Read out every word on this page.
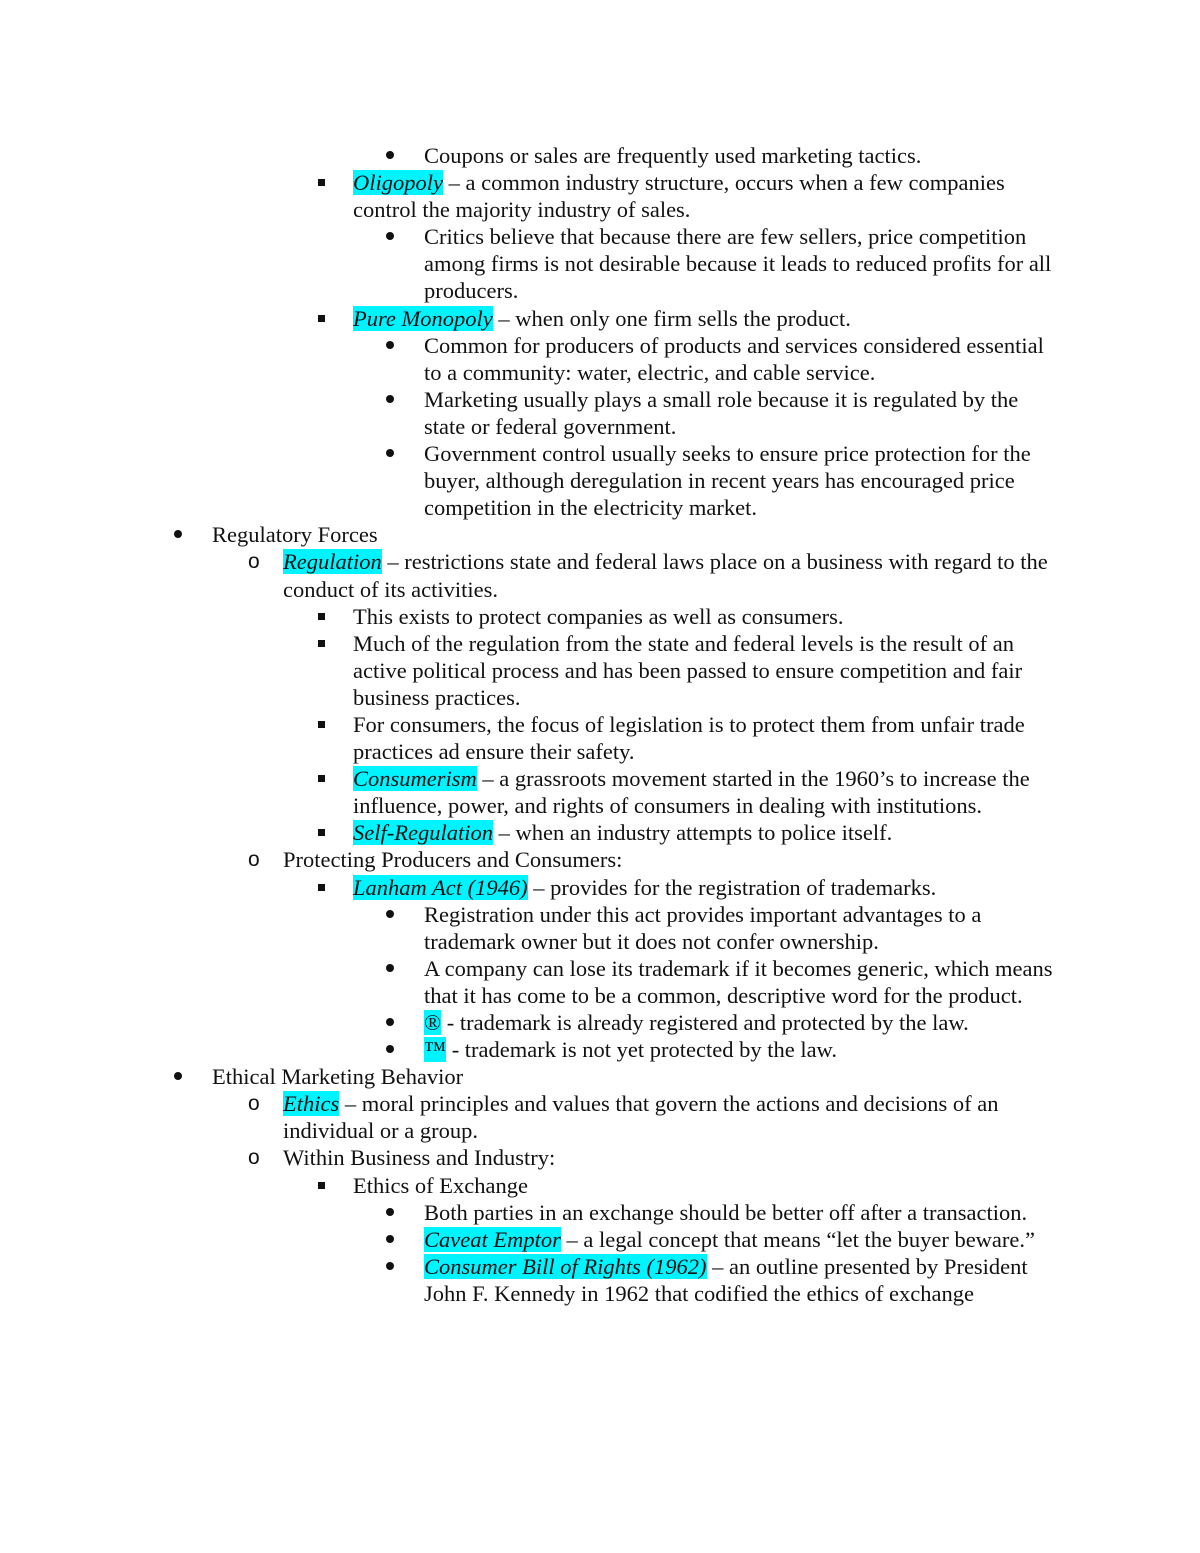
Coupons or sales are frequently used marketing tactics.
Oligopoly – a common industry structure, occurs when a few companies control the majority industry of sales.
Critics believe that because there are few sellers, price competition among firms is not desirable because it leads to reduced profits for all producers.
Pure Monopoly – when only one firm sells the product.
Common for producers of products and services considered essential to a community: water, electric, and cable service.
Marketing usually plays a small role because it is regulated by the state or federal government.
Government control usually seeks to ensure price protection for the buyer, although deregulation in recent years has encouraged price competition in the electricity market.
Regulatory Forces
o Regulation – restrictions state and federal laws place on a business with regard to the conduct of its activities.
This exists to protect companies as well as consumers.
Much of the regulation from the state and federal levels is the result of an active political process and has been passed to ensure competition and fair business practices.
For consumers, the focus of legislation is to protect them from unfair trade practices ad ensure their safety.
Consumerism – a grassroots movement started in the 1960’s to increase the influence, power, and rights of consumers in dealing with institutions.
Self-Regulation – when an industry attempts to police itself.
o Protecting Producers and Consumers:
Lanham Act (1946) – provides for the registration of trademarks.
Registration under this act provides important advantages to a trademark owner but it does not confer ownership.
A company can lose its trademark if it becomes generic, which means that it has come to be a common, descriptive word for the product.
® - trademark is already registered and protected by the law.
™ - trademark is not yet protected by the law.
Ethical Marketing Behavior
o Ethics – moral principles and values that govern the actions and decisions of an individual or a group.
o Within Business and Industry:
Ethics of Exchange
Both parties in an exchange should be better off after a transaction.
Caveat Emptor – a legal concept that means “let the buyer beware.”
Consumer Bill of Rights (1962) – an outline presented by President John F. Kennedy in 1962 that codified the ethics of exchange
